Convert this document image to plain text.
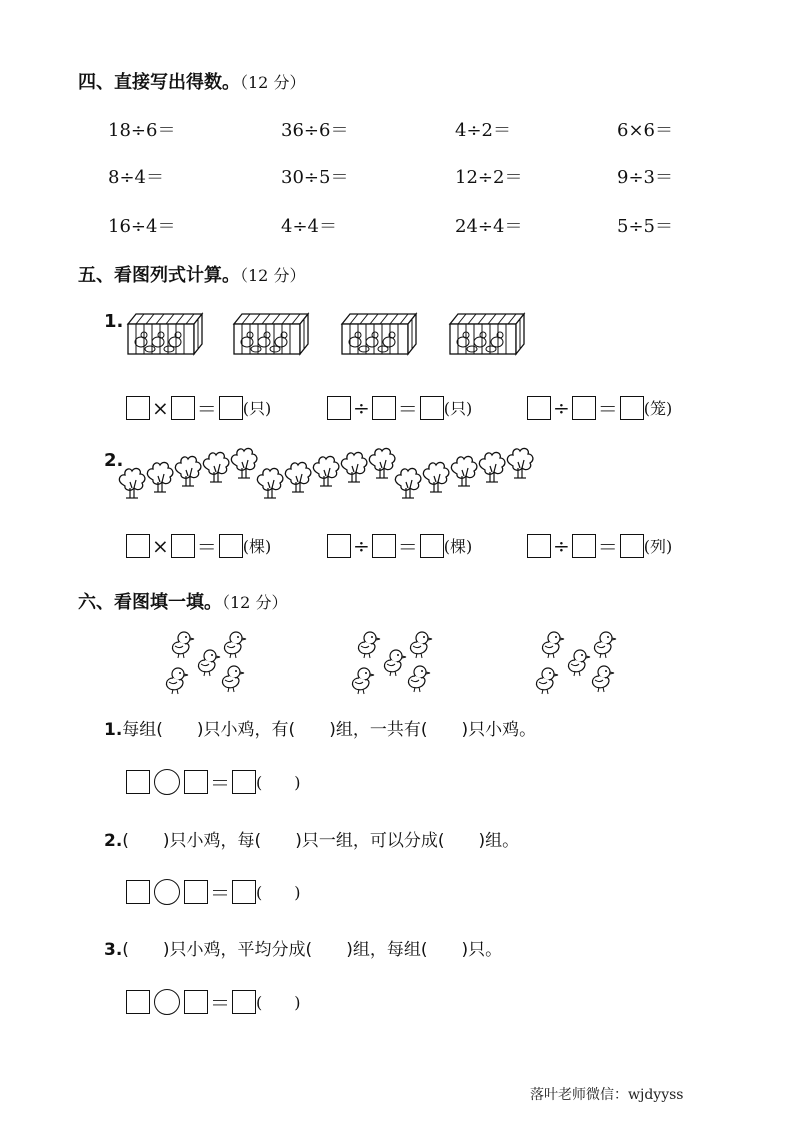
四、直接写出得数。（12 分）
18÷6＝	36÷6＝	4÷2＝	6×6＝
8÷4＝	30÷5＝	12÷2＝	9÷3＝
16÷4＝	4÷4＝	24÷4＝	5÷5＝
五、看图列式计算。（12 分）
1.
× ＝ (只)	÷ ＝ (只)	÷ ＝ (笼)
2.
× ＝ (棵)	÷ ＝ (棵)	÷ ＝ (列)
六、看图填一填。（12 分）
1.每组(　　)只小鸡，有(　　)组，一共有(　　)只小鸡。
＝ (　　)
2.(　　)只小鸡，每(　　)只一组，可以分成(　　)组。
＝ (　　)
3.(　　)只小鸡，平均分成(　　)组，每组(　　)只。
＝ (　　)
落叶老师微信：wjdyyss
